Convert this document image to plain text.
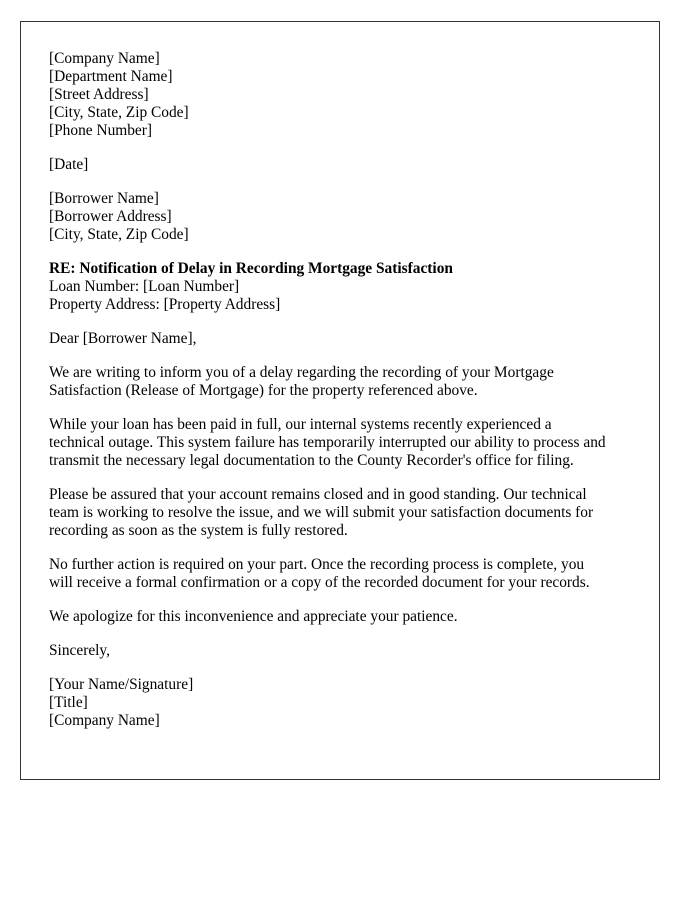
[Company Name]
[Department Name]
[Street Address]
[City, State, Zip Code]
[Phone Number]
[Date]
[Borrower Name]
[Borrower Address]
[City, State, Zip Code]
RE: Notification of Delay in Recording Mortgage Satisfaction
Loan Number: [Loan Number]
Property Address: [Property Address]
Dear [Borrower Name],

We are writing to inform you of a delay regarding the recording of your Mortgage
Satisfaction (Release of Mortgage) for the property referenced above.

While your loan has been paid in full, our internal systems recently experienced a
technical outage. This system failure has temporarily interrupted our ability to process and
transmit the necessary legal documentation to the County Recorder's office for filing.

Please be assured that your account remains closed and in good standing. Our technical
team is working to resolve the issue, and we will submit your satisfaction documents for
recording as soon as the system is fully restored.

No further action is required on your part. Once the recording process is complete, you
will receive a formal confirmation or a copy of the recorded document for your records.

We apologize for this inconvenience and appreciate your patience.

Sincerely,
[Your Name/Signature]
[Title]
[Company Name]
